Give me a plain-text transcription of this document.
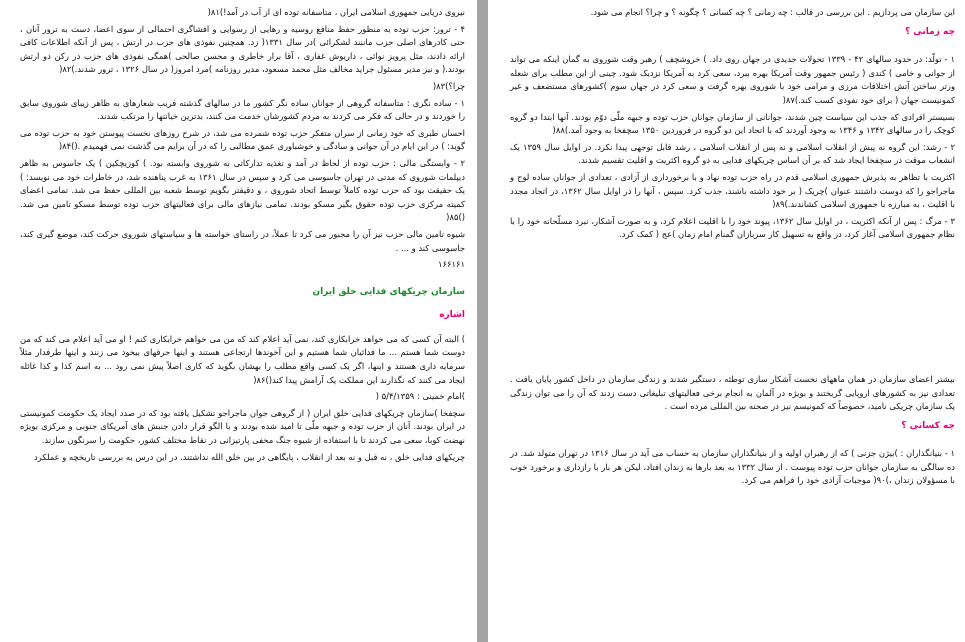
نیروی دریایی جمهوری اسلامی ایران ، متاسفانه توده ای از آب در آمد!)۸۱(

۴ - ترور: حزب توده به منظور حفظ منافع روسیه و رهایی از رسوایی و افشاگری احتمالی از سوی اعضا، دست به ترور آنان ، حتی کادرهای اصلی حزب ماننند لشکرائی )در سال ۱۳۳۱( زد. همچنین نفوذی های حزب در ارتش ، پس از آنکه اطلاعات کافی ارائه دادند، مثل پرویز نوائی ، داریوش غفاری ، آقا برار خاطری و محسن صالحی )همگی نفوذی های حزب در رکن دو ارتش بودند.( و نیز مدیر مسئول جراید مخالف مثل محمد مسعود، مدیر روزنامه )مرد امروز( در سال ۱۳۲۶ ، ترور شدند.)۸۲(

چرا؟)۸۳(

۱ - ساده نگری : متاسفانه گروهی از جوانان ساده نگر کشور ما در سالهای گذشته فریب شعارهای به ظاهر زیبای شوروی سابق را خوردند و در حالی که فکر می کردند به مردم کشورشان خدمت می کنند، بدترین خیانتها را مرتکب شدند.

احسان طبری که خود زمانی از سران متفکر حزب توده شمرده می شد، در شرح روزهای نخست پیوستن خود به حزب توده می گوید: ) در این ایام در آن جوانی و سادگی و خوشباوری عمق مطالبی را که در آن برایم می گذشت نمی فهمیدم .()۸۴(

۲ - وابستگی مالی : حزب توده از لحاظ در آمد و تغذیه تدارکاتی به شوروی وابسته بود. ) کوزیچکین ) یک جاسوس به ظاهر دیپلمات شوروی که مدتی در تهران جاسوسی می کرد و سپس در سال ۱۳۶۱ به غرب پناهنده شد، در خاطرات خود می نویسد: ) یک حقیقت بود که حزب توده کاملاً توسط اتحاد شوروی ، و دقیقتر بگویم توسط شعبه بین المللی حفظ می شد. تمامی اعضای کمیته مرکزی حزب توده حقوق بگیر مسکو بودند. تمامی نیازهای مالی برای فعالیتهای حزب توده توسط مسکو تامین می شد.()۸۵(

شیوه تامین مالی حزب نیز آن را مجبور می کرد تا عملاً، در راستای خواسته ها و سیاستهای شوروی حرکت کند، موضع گیری کند، جاسوسی کند و ... .

۱۶۶۱۶۱

سازمان چریکهای فدایی خلق ایران
اشاره

) البته آن کسی که می خواهد خرابکاری کند، نمی آید اعلام کند که من می خواهم خرابکاری کنم ! او می آید اعلام می کند که من دوست شما هستم ... ما فدائیان شما هستیم و این آخوندها ارتجاعی هستند و اینها حرفهای بیخود می زنند و اینها طرفدار مثلاً سرمایه داری هستند و اینها، اگر یک کسی واقع مطلب را بهشان بگوید که کاری اصلاً پیش نمی رود ... به اسم کذا و کذا غائله ایجاد می کنند که نگذارند این مملکت یک آرامش پیدا کند()۸۶(

)امام خمینی : ۵/۴/۱۳۵۹ (

سچفخا )سازمان چریکهای فدایی خلق ایران ( از گروهی جوان ماجراجو تشکیل یافته بود که در صدد ایجاد یک حکومت کمونیستی در ایران بودند. آنان از حزب توده و جبهه ملّی تا امید شده بودند و با الگو قرار دادن جنبش های آمریکای جنوبی و مرکزی بویژه نهضت کوبا، سعی می کردند تا با استفاده از شیوه جنگ مخفی پارتیزانی در نقاط مختلف کشور، حکومت را سرنگون سازند.

چریکهای فدایی خلق ، نه قبل و نه بعد از انقلاب ، پایگاهی در بین خلق الله نداشتند. در این درس به بررسی تاریخچه و عملکرد

این سازمان می پردازیم . این بررسی در قالب : چه زمانی ؟ چه کسانی ؟ چگونه ؟ و چرا؟ انجام می شود.

چه زمانی ؟

۱ - تولّد: در حدود سالهای ۴۲ - ۱۳۳۹ تحولات جدیدی در جهان روی داد. ) خروشچف ) رهبر وقت شوروی به گمان اینکه می تواند از جوانی و خامی ) کندی ( رئیس جمهور وقت آمریکا بهره ببرد، سعی کرد به آمریکا نزدیک شود. چینی از این مطلب برای شعله ورتر ساختن آتش اختلافات مرزی و مرامی خود با شوروی بهره گرفت و سعی کرد در جهان سوم )کشورهای مستضعف و غیر کمونیست جهان ( برای خود نفوذی کسب کند.)۸۷(

بسیستر افرادی که جذب این سیاست چین شدند، جوانانی از سازمان جوانان حزب توده و جبهه ملّی دوّم بودند. آنها ابتدا دو گروه کوچک را در سالهای ۱۳۴۲ و ۱۳۴۶ به وجود آوردند که با اتحاد این دو گروه در فروردین ۱۳۵۰ سچفخا به وجود آمد.)۸۸(

۲ - رشد: این گروه نه پیش از انقلاب اسلامی و نه پس از انقلاب اسلامی ، رشد قابل توجهی پیدا نکرد. در اوایل سال ۱۳۵۹ یک انشعاب موقت در سچفخا ایجاد شد که بر آن اساس چریکهای فدایی به دو گروه اکثریت و اقلیت تقسیم شدند.

اکثریت با تظاهر به پذیرش جمهوری اسلامی قدم در راه حزب توده نهاد و با برخورداری از آزادی ، تعدادی از جوانان ساده لوح و ماجراجو را که دوست داشتند عنوان )چریک ( بر خود داشته باشند، جذب کرد. سپس ، آنها را در اوایل سال ۱۳۶۲، در اتحاد مجدد با اقلیت ، به مبارزه با جمهوری اسلامی کشاندند.)۸۹(

۳ - مرگ : پس از آنکه اکثریت ، در اوایل سال ۱۳۶۲، پیوند خود را با اقلیت اعلام کرد، و به صورت آشکار، نبرد مسلّحانه خود را با نظام جمهوری اسلامی آغاز کرد، در واقع به تسهیل کار سربازان گمنام امام زمان )عج ( کمک کرد.

بیشتر اعضای سازمان در همان ماههای نخست آشکار سازی توطئه ، دستگیر شدند و زندگی سازمان در داخل کشور پایان یافت . تعدادی نیز به کشورهای اروپایی گریختند و بویژه در آلمان به انجام برخی فعالیتهای تبلیغاتی دست زدند که آن را می توان زندگی یک سازمان چریکی نامید، خصوصاً که کمونیسم نیز در صحنه بین المللی مرده است .

چه کسانی ؟

۱ - بنیانگذاران : )بیژن جزنی ) که از رهبران اولیه و از بنیانگذاران سازمان به حساب می آید در سال ۱۳۱۶ در تهران متولد شد. در ده سالگی به سازمان جوانان حزب توده پیوست . از سال ۱۳۳۲ به بعد بارها به زندان افتاد، لیکن هر بار با رازداری و برخورد خوب با مسؤولان زندان ،)۹۰( موجبات آزادی خود را فراهم می کرد.
